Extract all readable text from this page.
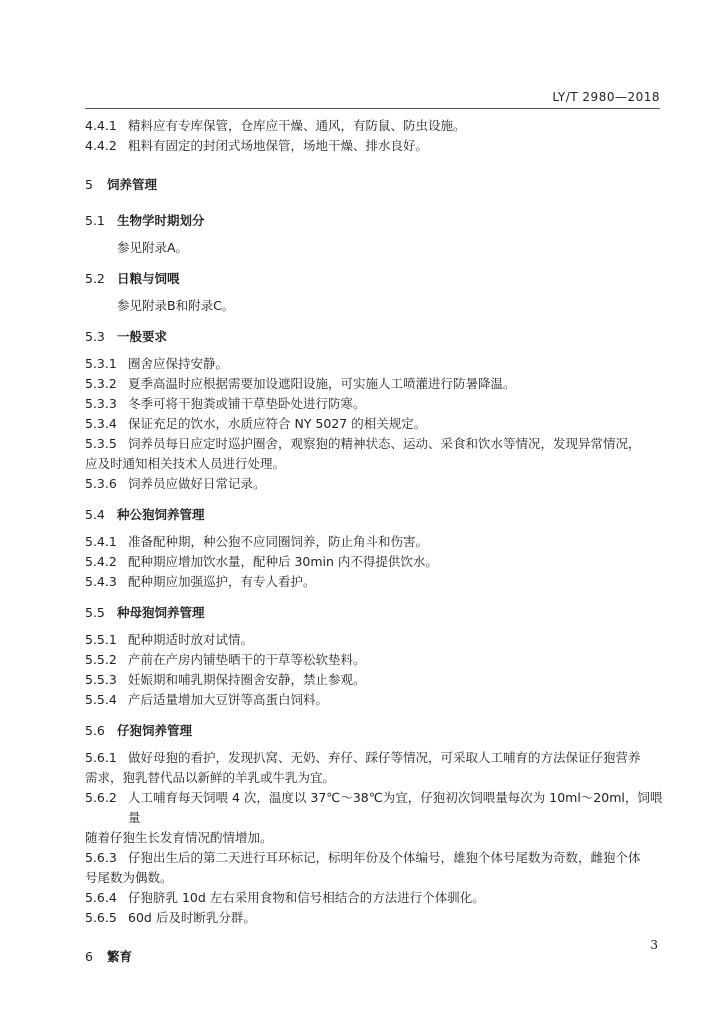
LY/T 2980—2018
4.4.1 精料应有专库保管，仓库应干燥、通风，有防鼠、防虫设施。
4.4.2 粗料有固定的封闭式场地保管，场地干燥、排水良好。
5	饲养管理
5.1 生物学时期划分
参见附录A。
5.2 日粮与饲喂
参见附录B和附录C。
5.3 一般要求
5.3.1 圈舍应保持安静。
5.3.2 夏季高温时应根据需要加设遮阳设施，可实施人工喷灌进行防暑降温。
5.3.3 冬季可将干狍粪或铺干草垫卧处进行防寒。
5.3.4 保证充足的饮水，水质应符合 NY 5027 的相关规定。
5.3.5 饲养员每日应定时巡护圈舍，观察狍的精神状态、运动、采食和饮水等情况，发现异常情况，
应及时通知相关技术人员进行处理。
5.3.6 饲养员应做好日常记录。
5.4 种公狍饲养管理
5.4.1 准备配种期，种公狍不应同圈饲养，防止角斗和伤害。
5.4.2 配种期应增加饮水量，配种后 30min 内不得提供饮水。
5.4.3 配种期应加强巡护，有专人看护。
5.5 种母狍饲养管理
5.5.1 配种期适时放对试情。
5.5.2 产前在产房内铺垫晒干的干草等松软垫料。
5.5.3 妊娠期和哺乳期保持圈舍安静，禁止参观。
5.5.4 产后适量增加大豆饼等高蛋白饲料。
5.6 仔狍饲养管理
5.6.1 做好母狍的看护，发现扒窝、无奶、弃仔、踩仔等情况，可采取人工哺育的方法保证仔狍营养
需求，狍乳替代品以新鲜的羊乳或牛乳为宜。
5.6.2 人工哺育每天饲喂 4 次，温度以 37℃～38℃为宜，仔狍初次饲喂量每次为 10ml～20ml，饲喂量
随着仔狍生长发育情况酌情增加。
5.6.3 仔狍出生后的第二天进行耳环标记，标明年份及个体编号，雄狍个体号尾数为奇数，雌狍个体
号尾数为偶数。
5.6.4 仔狍脐乳 10d 左右采用食物和信号相结合的方法进行个体驯化。
5.6.5 60d 后及时断乳分群。
6	繁育
3
